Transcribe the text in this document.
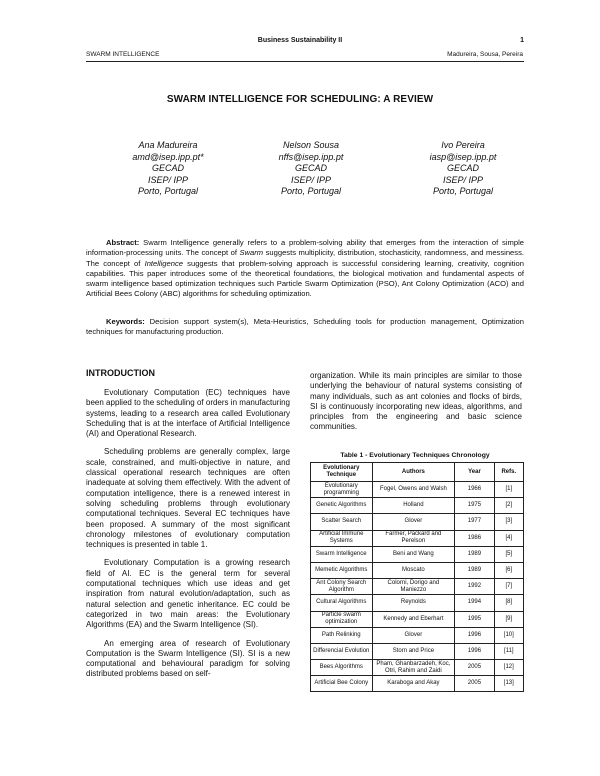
Business Sustainability II	1
SWARM INTELLIGENCE	Madureira, Sousa, Pereira
SWARM INTELLIGENCE FOR SCHEDULING: A REVIEW
Ana Madureira
amd@isep.ipp.pt*
GECAD
ISEP/ IPP
Porto, Portugal
Nelson Sousa
nffs@isep.ipp.pt
GECAD
ISEP/ IPP
Porto, Portugal
Ivo Pereira
iasp@isep.ipp.pt
GECAD
ISEP/ IPP
Porto, Portugal
Abstract: Swarm Intelligence generally refers to a problem-solving ability that emerges from the interaction of simple information-processing units. The concept of Swarm suggests multiplicity, distribution, stochasticity, randomness, and messiness. The concept of Intelligence suggests that problem-solving approach is successful considering learning, creativity, cognition capabilities. This paper introduces some of the theoretical foundations, the biological motivation and fundamental aspects of swarm intelligence based optimization techniques such Particle Swarm Optimization (PSO), Ant Colony Optimization (ACO) and Artificial Bees Colony (ABC) algorithms for scheduling optimization.
Keywords: Decision support system(s), Meta-Heuristics, Scheduling tools for production management, Optimization techniques for manufacturing production.
INTRODUCTION

Evolutionary Computation (EC) techniques have been applied to the scheduling of orders in manufacturing systems, leading to a research area called Evolutionary Scheduling that is at the interface of Artificial Intelligence (AI) and Operational Research.

Scheduling problems are generally complex, large scale, constrained, and multi-objective in nature, and classical operational research techniques are often inadequate at solving them effectively. With the advent of computation intelligence, there is a renewed interest in solving scheduling problems through evolutionary computational techniques. Several EC techniques have been proposed. A summary of the most significant chronology milestones of evolutionary computation techniques is presented in table 1.

Evolutionary Computation is a growing research field of AI. EC is the general term for several computational techniques which use ideas and get inspiration from natural evolution/adaptation, such as natural selection and genetic inheritance. EC could be categorized in two main areas: the Evolutionary Algorithms (EA) and the Swarm Intelligence (SI).

An emerging area of research of Evolutionary Computation is the Swarm Intelligence (SI). SI is a new computational and behavioural paradigm for solving distributed problems based on self-

organization. While its main principles are similar to those underlying the behaviour of natural systems consisting of many individuals, such as ant colonies and flocks of birds, SI is continuously incorporating new ideas, algorithms, and principles from the engineering and basic science communities.

Table 1 - Evolutionary Techniques Chronology
Evolutionary Technique	Authors	Year	Refs.
Evolutionary programming	Fogel, Owens and Walsh	1966	[1]
Genetic Algorithms	Holland	1975	[2]
Scatter Search	Glover	1977	[3]
Artificial Immune Systems	Farmer, Packard and Perelson	1986	[4]
Swarm Intelligence	Beni and Wang	1989	[5]
Memetic Algorithms	Moscato	1989	[6]
Ant Colony Search Algorithm	Colorni, Dorigo and Maniezzo	1992	[7]
Cultural Algorithms	Reynolds	1994	[8]
Particle swarm optimization	Kennedy and Eberhart	1995	[9]
Path Relinking	Glover	1996	[10]
Differencial Evolution	Storn and Price	1996	[11]
Bees Algorithms	Pham, Ghanbarzadeh, Koc, Otri, Rahim and Zaidi	2005	[12]
Artificial Bee Colony	Karaboga and Akay	2005	[13]
